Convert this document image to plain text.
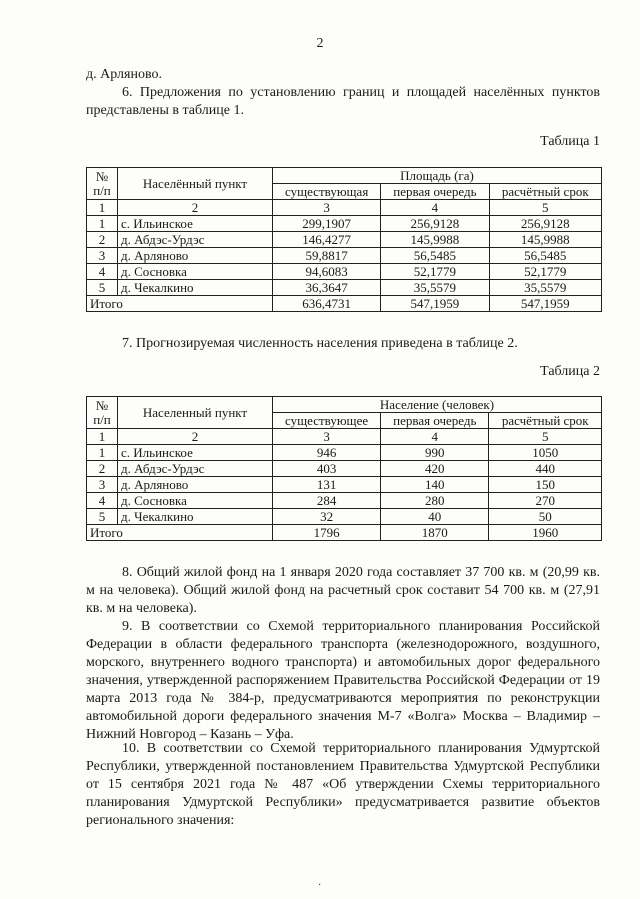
2
д. Арляново.
6. Предложения по установлению границ и площадей населённых пунктов представлены в таблице 1.
Таблица 1
№ п/п	Населённый пункт	Площадь (га)		
		существующая	первая очередь	расчётный срок
1	2	3	4	5
1	с. Ильинское	299,1907	256,9128	256,9128
2	д. Абдэс-Урдэс	146,4277	145,9988	145,9988
3	д. Арляново	59,8817	56,5485	56,5485
4	д. Сосновка	94,6083	52,1779	52,1779
5	д. Чекалкино	36,3647	35,5579	35,5579
Итого		636,4731	547,1959	547,1959
7. Прогнозируемая численность населения приведена в таблице 2.
Таблица 2
№ п/п	Населенный пункт	Население (человек)		
		существующее	первая очередь	расчётный срок
1	2	3	4	5
1	с. Ильинское	946	990	1050
2	д. Абдэс-Урдэс	403	420	440
3	д. Арляново	131	140	150
4	д. Сосновка	284	280	270
5	д. Чекалкино	32	40	50
Итого		1796	1870	1960
8. Общий жилой фонд на 1 января 2020 года составляет 37 700 кв. м (20,99 кв. м на человека). Общий жилой фонд на расчетный срок составит 54 700 кв. м (27,91 кв. м на человека).
9. В соответствии со Схемой территориального планирования Российской Федерации в области федерального транспорта (железнодорожного, воздушного, морского, внутреннего водного транспорта) и автомобильных дорог федерального значения, утвержденной распоряжением Правительства Российской Федерации от 19 марта 2013 года № 384-р, предусматриваются мероприятия по реконструкции автомобильной дороги федерального значения М-7 «Волга» Москва – Владимир – Нижний Новгород – Казань – Уфа.
10. В соответствии со Схемой территориального планирования Удмуртской Республики, утвержденной постановлением Правительства Удмуртской Республики от 15 сентября 2021 года № 487 «Об утверждении Схемы территориального планирования Удмуртской Республики» предусматривается развитие объектов регионального значения:
·
